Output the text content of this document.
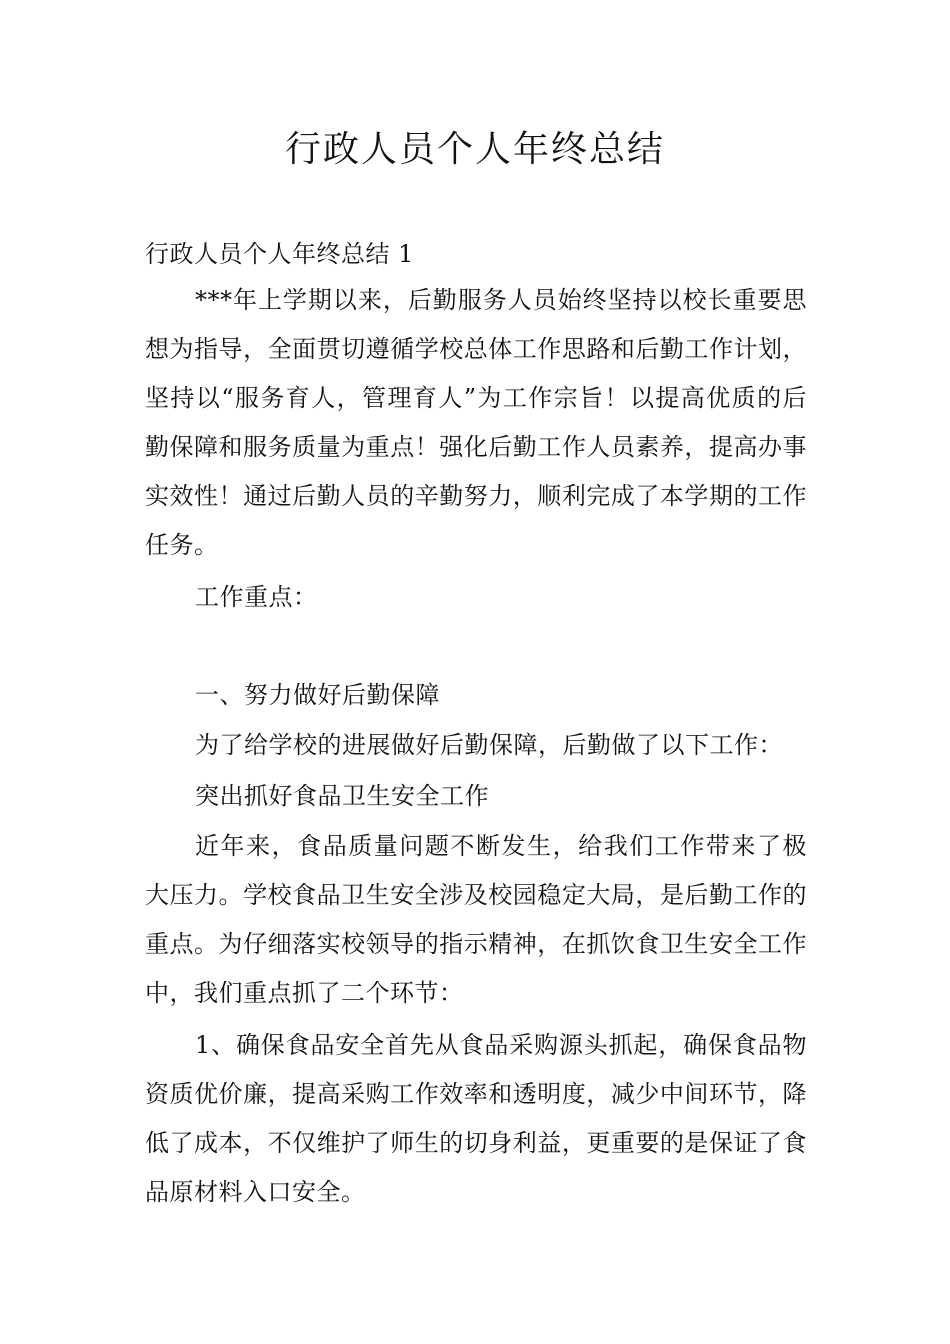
行政人员个人年终总结

行政人员个人年终总结 1

***年上学期以来，后勤服务人员始终坚持以校长重要思想为指导，全面贯切遵循学校总体工作思路和后勤工作计划，坚持以“服务育人，管理育人”为工作宗旨！以提高优质的后勤保障和服务质量为重点！强化后勤工作人员素养，提高办事实效性！通过后勤人员的辛勤努力，顺利完成了本学期的工作任务。

工作重点：

一、努力做好后勤保障

为了给学校的进展做好后勤保障，后勤做了以下工作：

突出抓好食品卫生安全工作

近年来，食品质量问题不断发生，给我们工作带来了极大压力。学校食品卫生安全涉及校园稳定大局，是后勤工作的重点。为仔细落实校领导的指示精神，在抓饮食卫生安全工作中，我们重点抓了二个环节：

1、确保食品安全首先从食品采购源头抓起，确保食品物资质优价廉，提高采购工作效率和透明度，减少中间环节，降低了成本，不仅维护了师生的切身利益，更重要的是保证了食品原材料入口安全。
